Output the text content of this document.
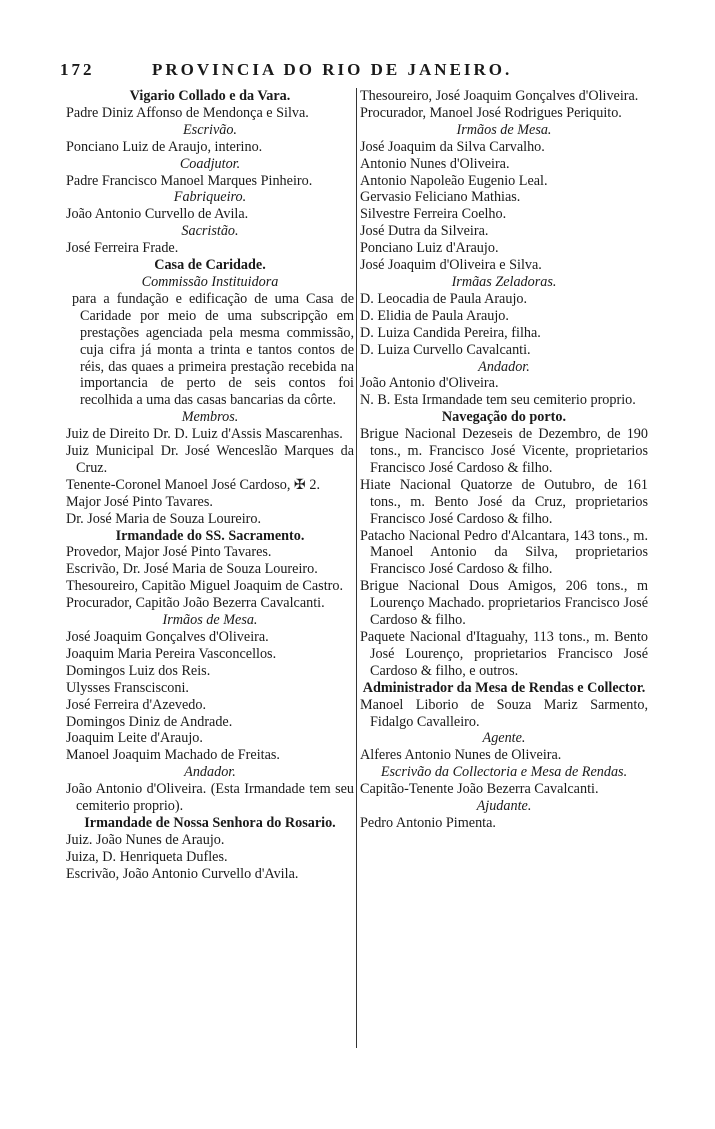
172	PROVINCIA DO RIO DE JANEIRO.
Vigario Collado e da Vara.
Padre Diniz Affonso de Mendonça e Silva.
Escrivão.
Ponciano Luiz de Araujo, interino.
Coadjutor.
Padre Francisco Manoel Marques Pinheiro.
Fabriqueiro.
João Antonio Curvello de Avila.
Sacristão.
José Ferreira Frade.
Casa de Caridade.
Commissão Instituidora
para a fundação e edificação de uma Casa de Caridade por meio de uma subscripção em prestações agenciada pela mesma commissão, cuja cifra já monta a trinta e tantos contos de réis, das quaes a primeira prestação recebida na importancia de perto de seis contos foi recolhida a uma das casas bancarias da côrte.
Membros.
Juiz de Direito Dr. D. Luiz d'Assis Mascarenhas.
Juiz Municipal Dr. José Wenceslão Marques da Cruz.
Tenente-Coronel Manoel José Cardoso, ✠ 2.
Major José Pinto Tavares.
Dr. José Maria de Souza Loureiro.
Irmandade do SS. Sacramento.
Provedor, Major José Pinto Tavares.
Escrivão, Dr. José Maria de Souza Loureiro.
Thesoureiro, Capitão Miguel Joaquim de Castro.
Procurador, Capitão João Bezerra Cavalcanti.
Irmãos de Mesa.
José Joaquim Gonçalves d'Oliveira.
Joaquim Maria Pereira Vasconcellos.
Domingos Luiz dos Reis.
Ulysses Franscisconi.
José Ferreira d'Azevedo.
Domingos Diniz de Andrade.
Joaquim Leite d'Araujo.
Manoel Joaquim Machado de Freitas.
Andador.
João Antonio d'Oliveira. (Esta Irmandade tem seu cemiterio proprio).
Irmandade de Nossa Senhora do Rosario.
Juiz. João Nunes de Araujo.
Juiza, D. Henriqueta Dufles.
Escrivão, João Antonio Curvello d'Avila.
Thesoureiro, José Joaquim Gonçalves d'Oliveira.
Procurador, Manoel José Rodrigues Periquito.
Irmãos de Mesa.
José Joaquim da Silva Carvalho.
Antonio Nunes d'Oliveira.
Antonio Napoleão Eugenio Leal.
Gervasio Feliciano Mathias.
Silvestre Ferreira Coelho.
José Dutra da Silveira.
Ponciano Luiz d'Araujo.
José Joaquim d'Oliveira e Silva.
Irmãas Zeladoras.
D. Leocadia de Paula Araujo.
D. Elidia de Paula Araujo.
D. Luiza Candida Pereira, filha.
D. Luiza Curvello Cavalcanti.
Andador.
João Antonio d'Oliveira.
N. B. Esta Irmandade tem seu cemiterio proprio.
Navegação do porto.
Brigue Nacional Dezeseis de Dezembro, de 190 tons., m. Francisco José Vicente, proprietarios Francisco José Cardoso & filho.
Hiate Nacional Quatorze de Outubro, de 161 tons., m. Bento José da Cruz, proprietarios Francisco José Cardoso & filho.
Patacho Nacional Pedro d'Alcantara, 143 tons., m. Manoel Antonio da Silva, proprietarios Francisco José Cardoso & filho.
Brigue Nacional Dous Amigos, 206 tons., m Lourenço Machado. proprietarios Francisco José Cardoso & filho.
Paquete Nacional d'Itaguahy, 113 tons., m. Bento José Lourenço, proprietarios Francisco José Cardoso & filho, e outros.
Administrador da Mesa de Rendas e Collector.
Manoel Liborio de Souza Mariz Sarmento, Fidalgo Cavalleiro.
Agente.
Alferes Antonio Nunes de Oliveira.
Escrivão da Collectoria e Mesa de Rendas.
Capitão-Tenente João Bezerra Cavalcanti.
Ajudante.
Pedro Antonio Pimenta.
